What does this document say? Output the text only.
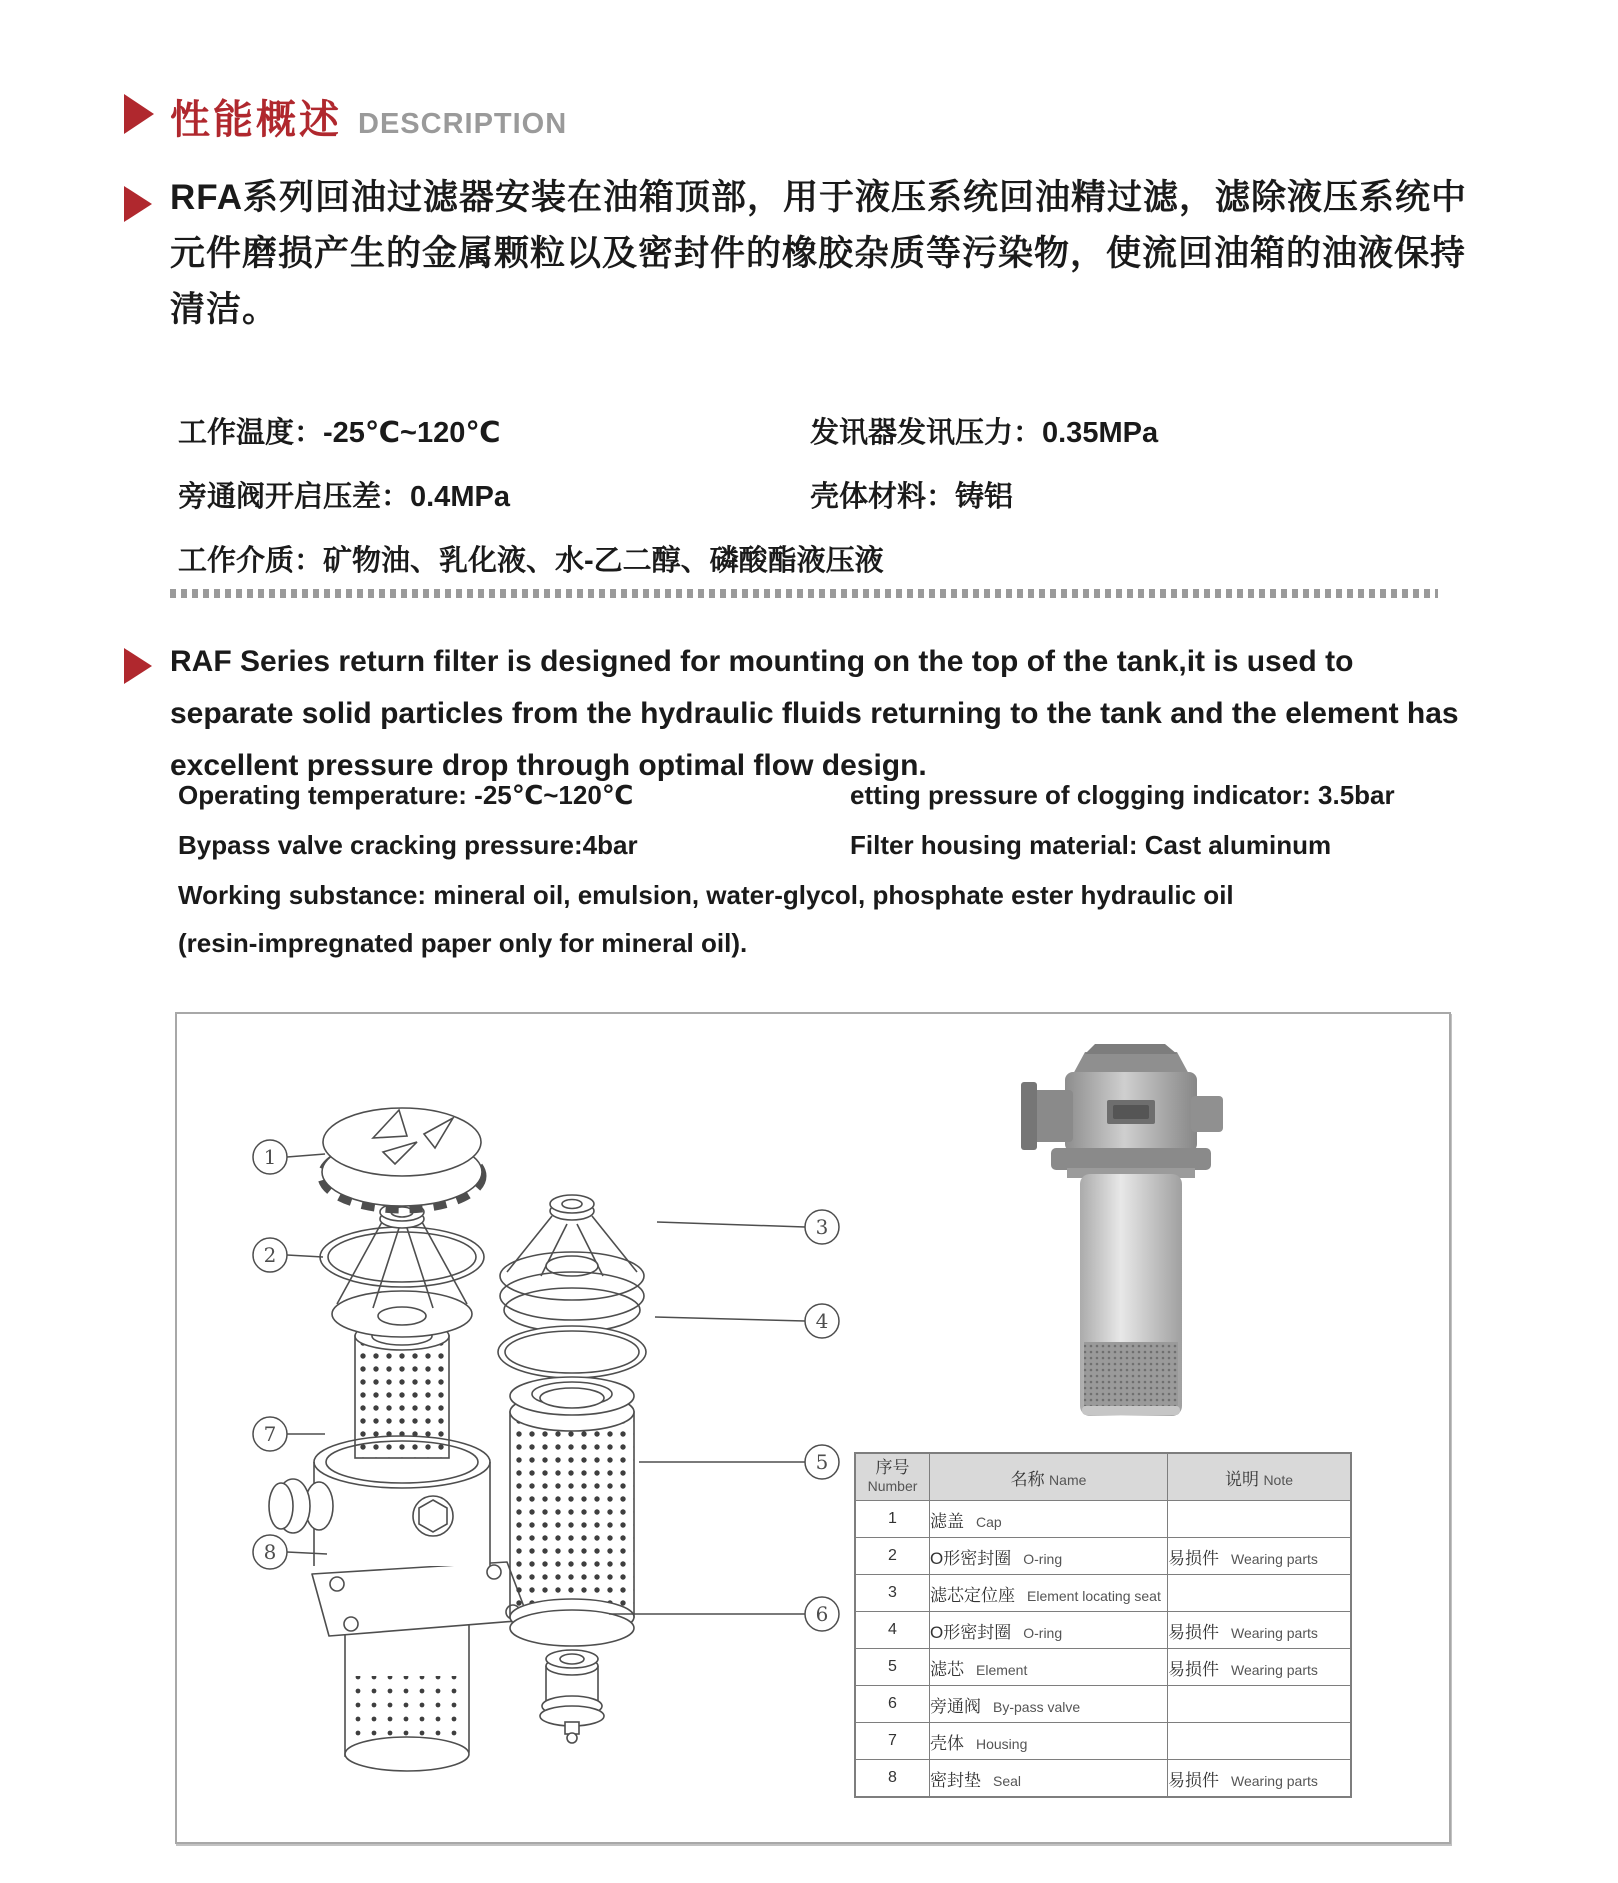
性能概述 DESCRIPTION

RFA系列回油过滤器安装在油箱顶部，用于液压系统回油精过滤，滤除液压系统中元件磨损产生的金属颗粒以及密封件的橡胶杂质等污染物，使流回油箱的油液保持清洁。

工作温度：-25℃~120℃	发讯器发讯压力：0.35MPa
旁通阀开启压差：0.4MPa	壳体材料：铸铝
工作介质：矿物油、乳化液、水-乙二醇、磷酸酯液压液

RAF Series return filter is designed for mounting on the top of the tank,it is used to separate solid particles from the hydraulic fluids returning to the tank and the element has excellent pressure drop through optimal flow design.

Operating temperature: -25℃~120℃	etting pressure of clogging indicator: 3.5bar
Bypass valve cracking pressure:4bar	Filter housing material: Cast aluminum
Working substance: mineral oil, emulsion, water-glycol, phosphate ester hydraulic oil
(resin-impregnated paper only for mineral oil).
1
2
7
8
3
4
5
6
序号
Number	名称 Name	说明 Note
1	滤盖 Cap	
2	O形密封圈 O-ring	易损件 Wearing parts
3	滤芯定位座 Element locating seat	
4	O形密封圈 O-ring	易损件 Wearing parts
5	滤芯 Element	易损件 Wearing parts
6	旁通阀 By-pass valve	
7	壳体 Housing	
8	密封垫 Seal	易损件 Wearing parts
